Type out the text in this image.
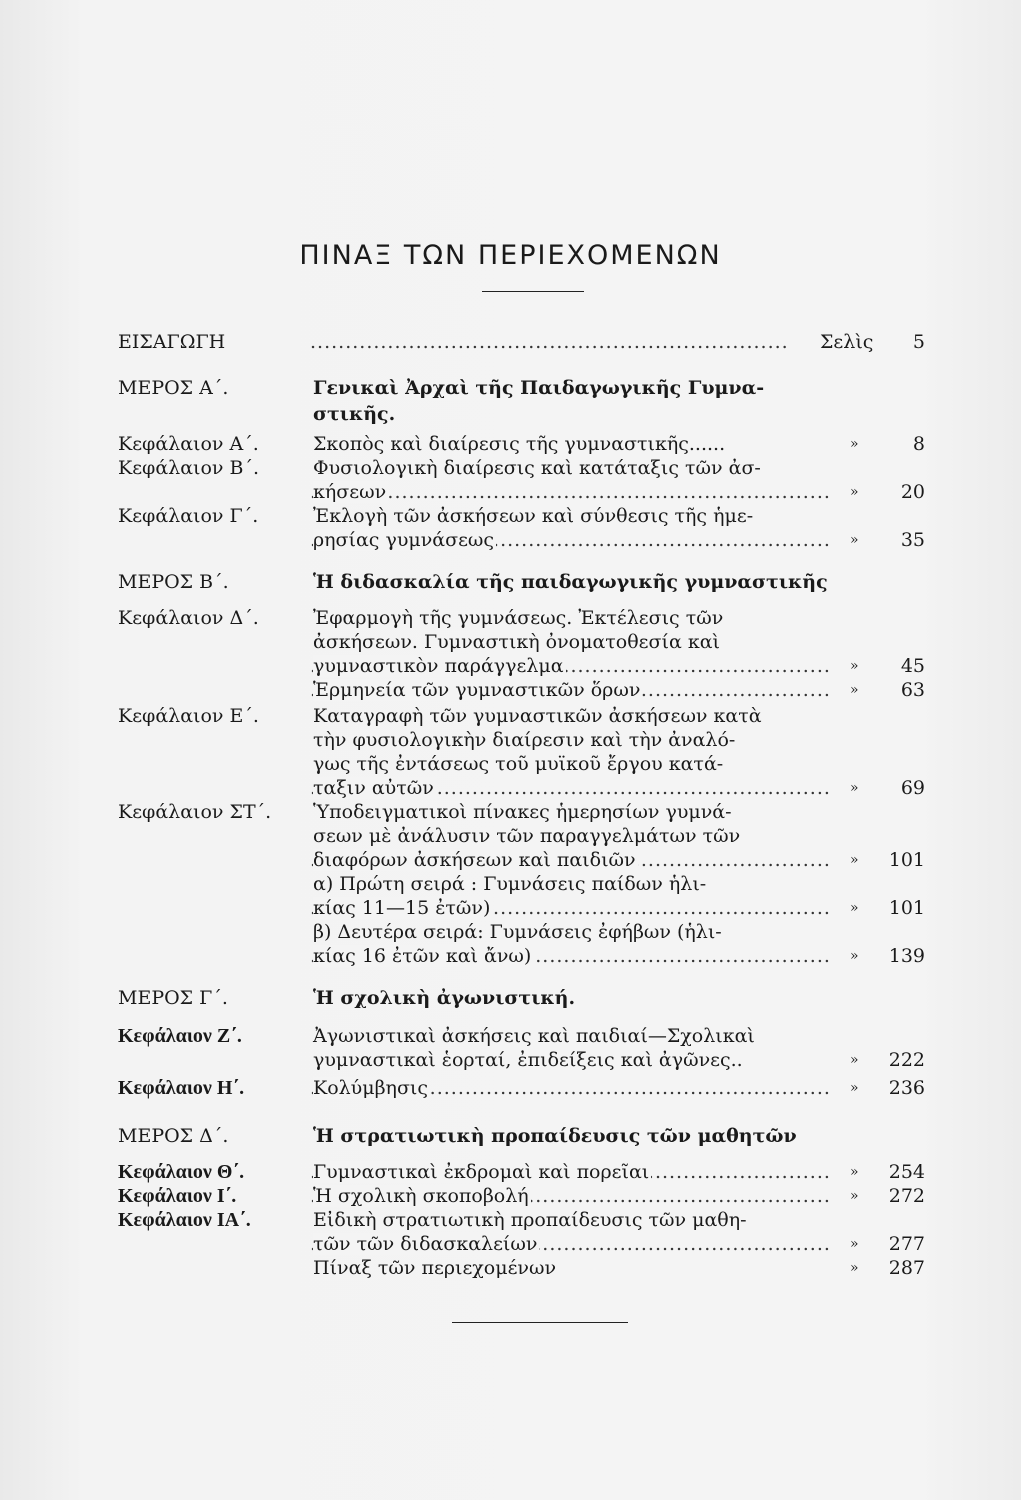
ΠΙΝΑΞ ΤΩΝ ΠΕΡΙΕΧΟΜΕΝΩΝ
ΕΙΣΑΓΩΓΗ .....	Σελὶς 5
ΜΕΡΟΣ Α΄.	Γενικαὶ Ἀρχαὶ τῆς Παιδαγωγικῆς Γυμνα-
στικῆς.
Κεφάλαιον Α΄.	Σκοπὸς καὶ διαίρεσις τῆς γυμναστικῆς......	»	8
Κεφάλαιον Β΄.	Φυσιολογικὴ διαίρεσις καὶ κατάταξις τῶν ἀσ-
.....
κήσεων	» 20
Κεφάλαιον Γ΄.	Ἐκλογὴ τῶν ἀσκήσεων καὶ σύνθεσις τῆς ἡμε-
.....
ρησίας γυμνάσεως	» 35
ΜΕΡΟΣ Β΄.	Ἡ διδασκαλία τῆς παιδαγωγικῆς γυμναστικῆς
Κεφάλαιον Δ΄.	Ἐφαρμογὴ τῆς γυμνάσεως. Ἐκτέλεσις τῶν
ἀσκήσεων. Γυμναστικὴ ὀνοματοθεσία καὶ
.....
γυμναστικὸν παράγγελμα	» 45
.....
Ἑρμηνεία τῶν γυμναστικῶν ὅρων	» 63
Κεφάλαιον Ε΄.	Καταγραφὴ τῶν γυμναστικῶν ἀσκήσεων κατὰ
τὴν φυσιολογικὴν διαίρεσιν καὶ τὴν ἀναλό-
γως τῆς ἐντάσεως τοῦ μυϊκοῦ ἔργου κατά-
.....
ταξιν αὐτῶν	» 69
Κεφάλαιον ΣΤ΄. Ὑποδειγματικοὶ πίνακες ἡμερησίων γυμνά-
σεων μὲ ἀνάλυσιν τῶν παραγγελμάτων τῶν
.....
διαφόρων ἀσκήσεων καὶ παιδιῶν	» 101
α) Πρώτη σειρά : Γυμνάσεις παίδων ἡλι-
.....
κίας 11—15 ἐτῶν)	» 101
β) Δευτέρα σειρά: Γυμνάσεις ἐφήβων (ἡλι-
.....
κίας 16 ἐτῶν καὶ ἄνω)	» 139
ΜΕΡΟΣ Γ΄.	Ἡ σχολικὴ ἀγωνιστική.
Κεφάλαιον Ζ΄.	Ἀγωνιστικαὶ ἀσκήσεις καὶ παιδιαί—Σχολικαὶ
γυμναστικαὶ ἑορταί, ἐπιδείξεις καὶ ἀγῶνες..	» 222
Κεφάλαιον Η΄. .....	Κολύμβησις	» 236
ΜΕΡΟΣ Δ΄.	Ἡ στρατιωτικὴ προπαίδευσις τῶν μαθητῶν
Κεφάλαιον Θ΄. .....	Γυμναστικαὶ ἐκδρομαὶ καὶ πορεῖαι	» 254
Κεφάλαιον Ι΄. .....	Ἡ σχολικὴ σκοποβολή	» 272
Κεφάλαιον ΙΑ΄.	Εἰδικὴ στρατιωτικὴ προπαίδευσις τῶν μαθη-
.....
τῶν τῶν διδασκαλείων	» 277
Πίναξ τῶν περιεχομένων	» 287
